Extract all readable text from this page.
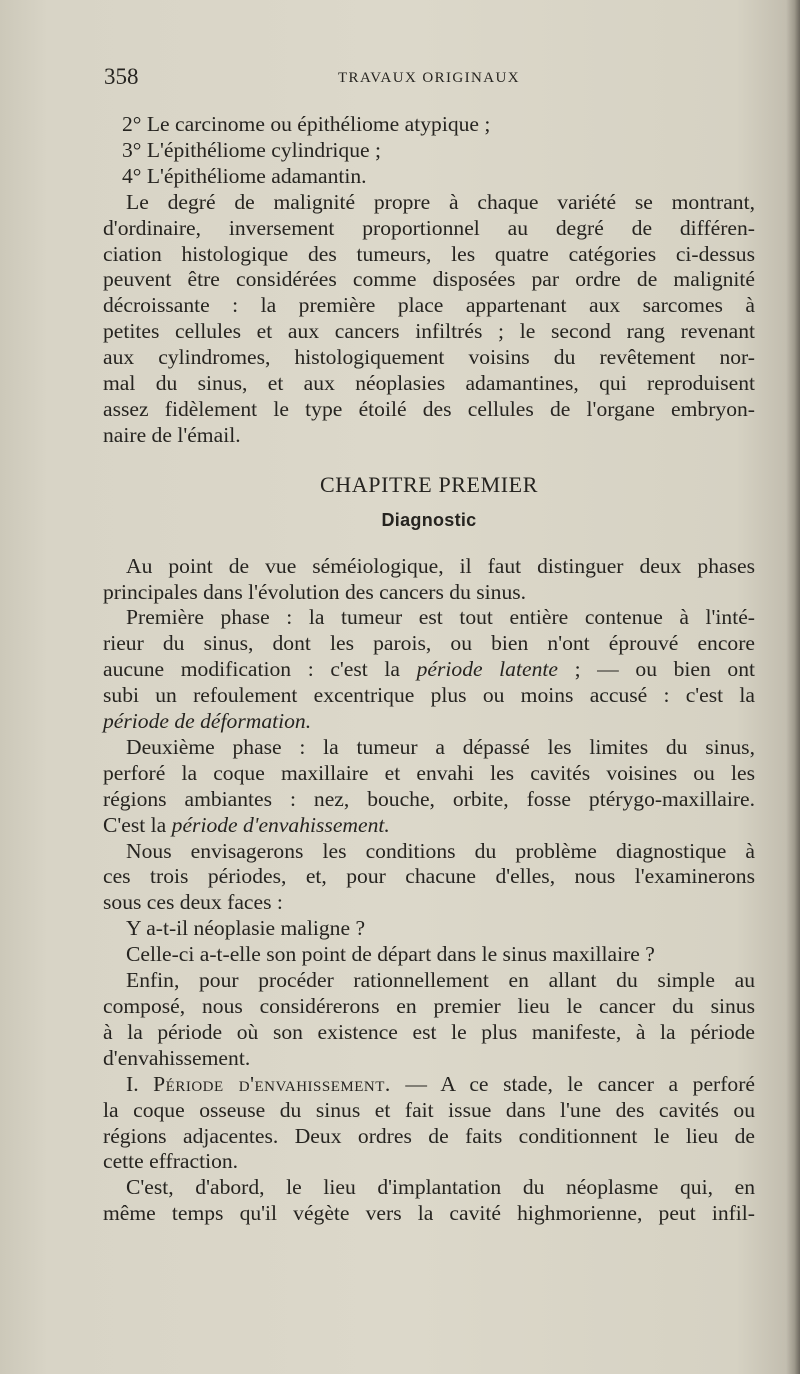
358	TRAVAUX ORIGINAUX

2° Le carcinome ou épithéliome atypique ;

3° L'épithéliome cylindrique ;

4° L'épithéliome adamantin.

Le degré de malignité propre à chaque variété se montrant,

d'ordinaire, inversement proportionnel au degré de différen-

ciation histologique des tumeurs, les quatre catégories ci-dessus

peuvent être considérées comme disposées par ordre de malignité

décroissante : la première place appartenant aux sarcomes à

petites cellules et aux cancers infiltrés ; le second rang revenant

aux cylindromes, histologiquement voisins du revêtement nor-

mal du sinus, et aux néoplasies adamantines, qui reproduisent

assez fidèlement le type étoilé des cellules de l'organe embryon-

naire de l'émail.

CHAPITRE PREMIER
Diagnostic

Au point de vue séméiologique, il faut distinguer deux phases

principales dans l'évolution des cancers du sinus.

Première phase : la tumeur est tout entière contenue à l'inté-

rieur du sinus, dont les parois, ou bien n'ont éprouvé encore

aucune modification : c'est la période latente ; — ou bien ont

subi un refoulement excentrique plus ou moins accusé : c'est la

période de déformation.

Deuxième phase : la tumeur a dépassé les limites du sinus,

perforé la coque maxillaire et envahi les cavités voisines ou les

régions ambiantes : nez, bouche, orbite, fosse ptérygo-maxillaire.

C'est la période d'envahissement.

Nous envisagerons les conditions du problème diagnostique à

ces trois périodes, et, pour chacune d'elles, nous l'examinerons

sous ces deux faces :

Y a-t-il néoplasie maligne ?

Celle-ci a-t-elle son point de départ dans le sinus maxillaire ?

Enfin, pour procéder rationnellement en allant du simple au

composé, nous considérerons en premier lieu le cancer du sinus

à la période où son existence est le plus manifeste, à la période

d'envahissement.

I. Période d'envahissement. — A ce stade, le cancer a perforé

la coque osseuse du sinus et fait issue dans l'une des cavités ou

régions adjacentes. Deux ordres de faits conditionnent le lieu de

cette effraction.

C'est, d'abord, le lieu d'implantation du néoplasme qui, en

même temps qu'il végète vers la cavité highmorienne, peut infil-
